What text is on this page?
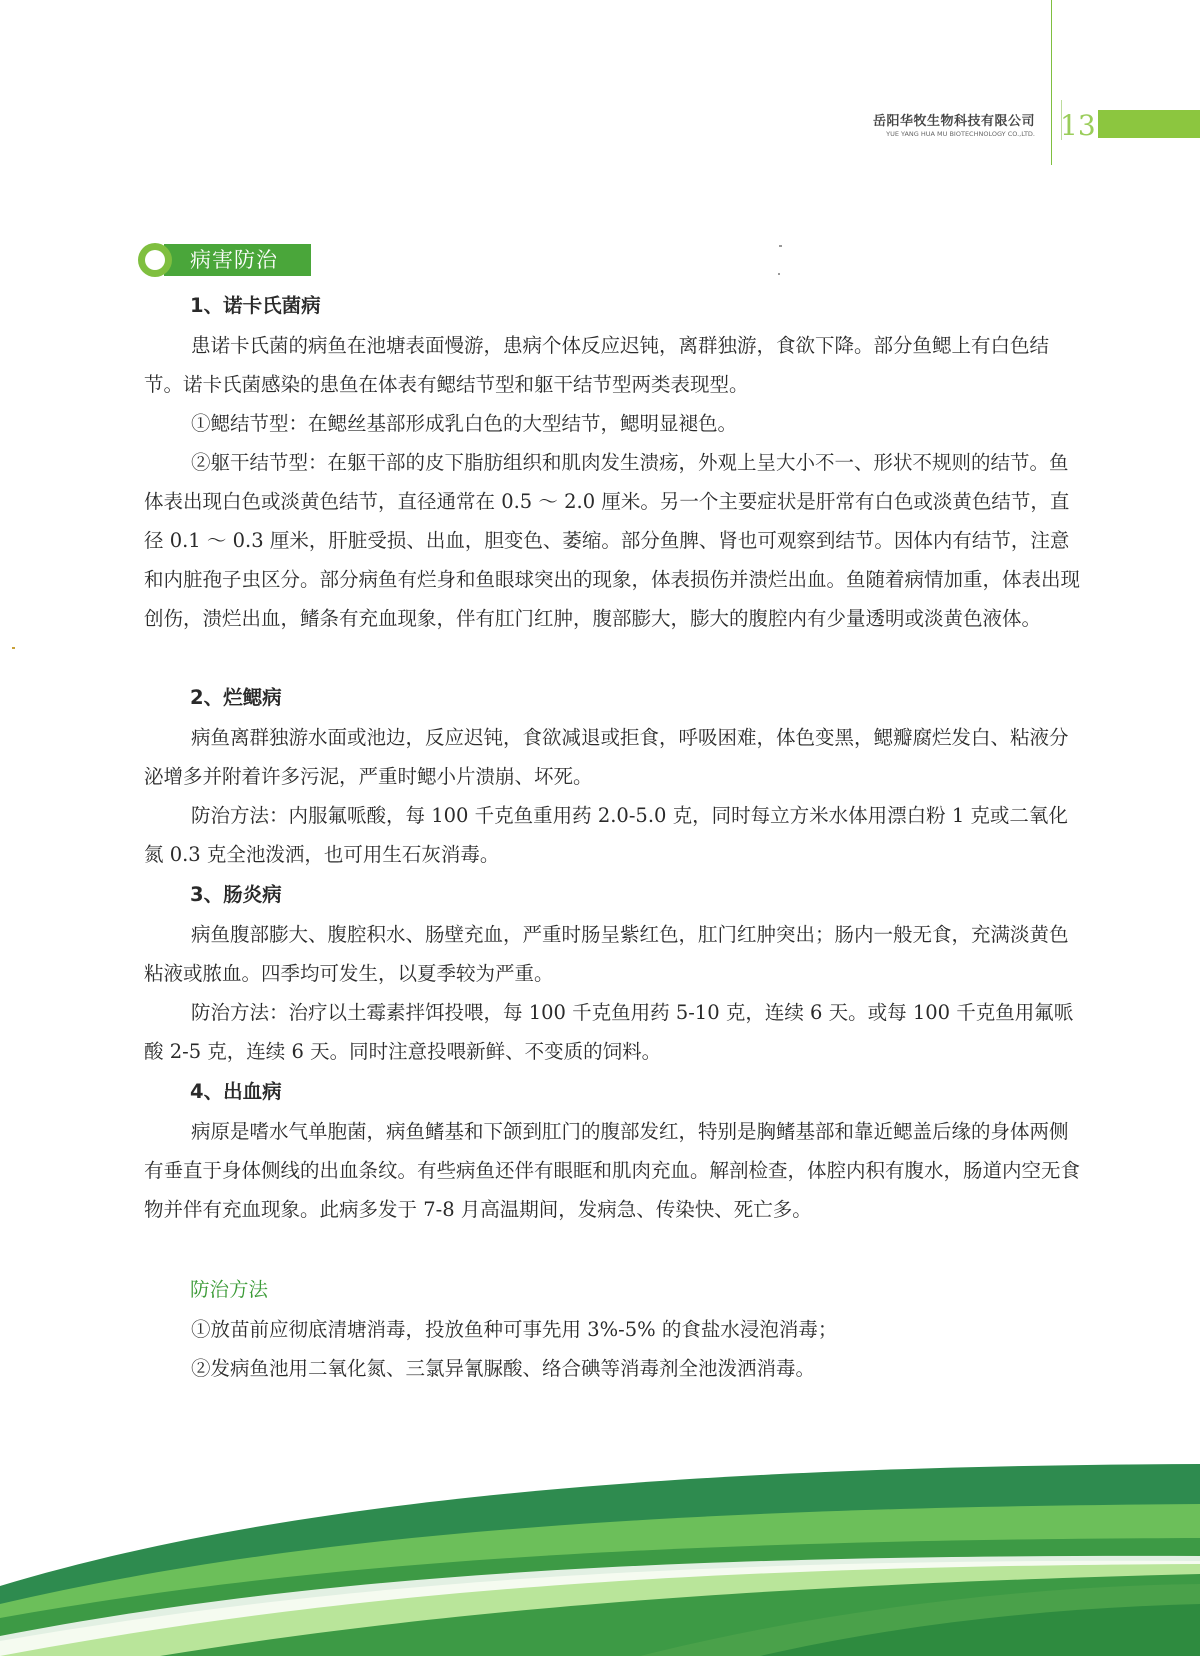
岳阳华牧生物科技有限公司
YUE YANG HUA MU BIOTECHNOLOGY CO.,LTD. 13
病害防治
1、诺卡氏菌病

患诺卡氏菌的病鱼在池塘表面慢游，患病个体反应迟钝，离群独游，食欲下降。部分鱼鳃上有白色结节。诺卡氏菌感染的患鱼在体表有鳃结节型和躯干结节型两类表现型。

①鳃结节型：在鳃丝基部形成乳白色的大型结节，鳃明显褪色。

②躯干结节型：在躯干部的皮下脂肪组织和肌肉发生溃疡，外观上呈大小不一、形状不规则的结节。鱼体表出现白色或淡黄色结节，直径通常在 0.5 ～ 2.0 厘米。另一个主要症状是肝常有白色或淡黄色结节，直径 0.1 ～ 0.3 厘米，肝脏受损、出血，胆变色、萎缩。部分鱼脾、肾也可观察到结节。因体内有结节，注意和内脏孢子虫区分。部分病鱼有烂身和鱼眼球突出的现象，体表损伤并溃烂出血。鱼随着病情加重，体表出现创伤，溃烂出血，鳍条有充血现象，伴有肛门红肿，腹部膨大，膨大的腹腔内有少量透明或淡黄色液体。

2、烂鳃病

病鱼离群独游水面或池边，反应迟钝，食欲减退或拒食，呼吸困难，体色变黑，鳃瓣腐烂发白、粘液分泌增多并附着许多污泥，严重时鳃小片溃崩、坏死。

防治方法：内服氟哌酸，每 100 千克鱼重用药 2.0-5.0 克，同时每立方米水体用漂白粉 1 克或二氧化氮 0.3 克全池泼洒，也可用生石灰消毒。

3、肠炎病

病鱼腹部膨大、腹腔积水、肠壁充血，严重时肠呈紫红色，肛门红肿突出；肠内一般无食，充满淡黄色粘液或脓血。四季均可发生，以夏季较为严重。

防治方法：治疗以土霉素拌饵投喂，每 100 千克鱼用药 5-10 克，连续 6 天。或每 100 千克鱼用氟哌酸 2-5 克，连续 6 天。同时注意投喂新鲜、不变质的饲料。

4、出血病

病原是嗜水气单胞菌，病鱼鳍基和下颌到肛门的腹部发红，特别是胸鳍基部和靠近鳃盖后缘的身体两侧有垂直于身体侧线的出血条纹。有些病鱼还伴有眼眶和肌肉充血。解剖检查，体腔内积有腹水，肠道内空无食物并伴有充血现象。此病多发于 7-8 月高温期间，发病急、传染快、死亡多。

防治方法

①放苗前应彻底清塘消毒，投放鱼种可事先用 3%-5% 的食盐水浸泡消毒；

②发病鱼池用二氧化氮、三氯异氰脲酸、络合碘等消毒剂全池泼洒消毒。
